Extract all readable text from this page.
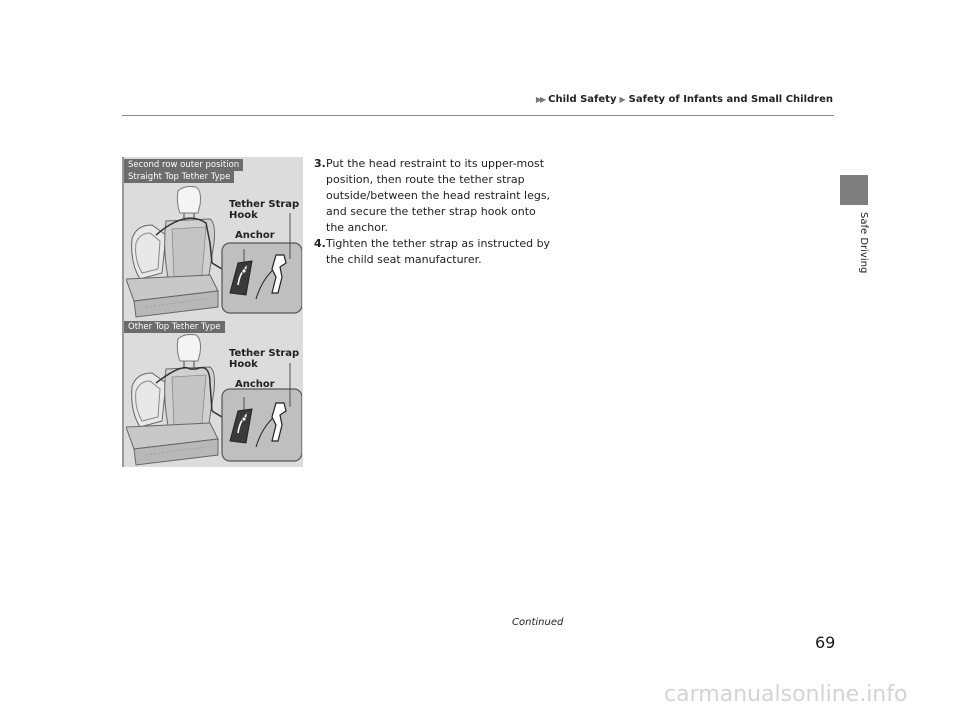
▶▶ Child Safety ▶ Safety of Infants and Small Children
Safe Driving
Second row outer position
Straight Top Tether Type
Other Top Tether Type
Tether Strap Hook
Anchor
Tether Strap Hook
Anchor
3. Put the head restraint to its upper-most position, then route the tether strap outside/between the head restraint legs, and secure the tether strap hook onto the anchor.
4. Tighten the tether strap as instructed by the child seat manufacturer.
Continued
69
carmanualsonline.info
